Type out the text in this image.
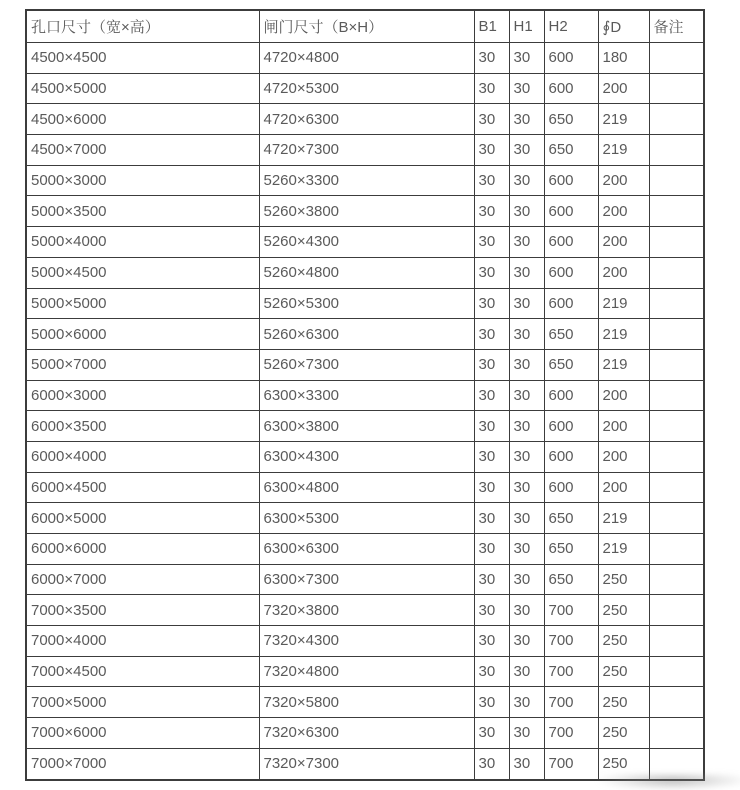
孔口尺寸（宽×高）	闸门尺寸（B×H）	B1	H1	H2	∮D	备注
4500×4500	4720×4800	30	30	600	180	
4500×5000	4720×5300	30	30	600	200	
4500×6000	4720×6300	30	30	650	219	
4500×7000	4720×7300	30	30	650	219	
5000×3000	5260×3300	30	30	600	200	
5000×3500	5260×3800	30	30	600	200	
5000×4000	5260×4300	30	30	600	200	
5000×4500	5260×4800	30	30	600	200	
5000×5000	5260×5300	30	30	600	219	
5000×6000	5260×6300	30	30	650	219	
5000×7000	5260×7300	30	30	650	219	
6000×3000	6300×3300	30	30	600	200	
6000×3500	6300×3800	30	30	600	200	
6000×4000	6300×4300	30	30	600	200	
6000×4500	6300×4800	30	30	600	200	
6000×5000	6300×5300	30	30	650	219	
6000×6000	6300×6300	30	30	650	219	
6000×7000	6300×7300	30	30	650	250	
7000×3500	7320×3800	30	30	700	250	
7000×4000	7320×4300	30	30	700	250	
7000×4500	7320×4800	30	30	700	250	
7000×5000	7320×5800	30	30	700	250	
7000×6000	7320×6300	30	30	700	250	
7000×7000	7320×7300	30	30	700	250	
